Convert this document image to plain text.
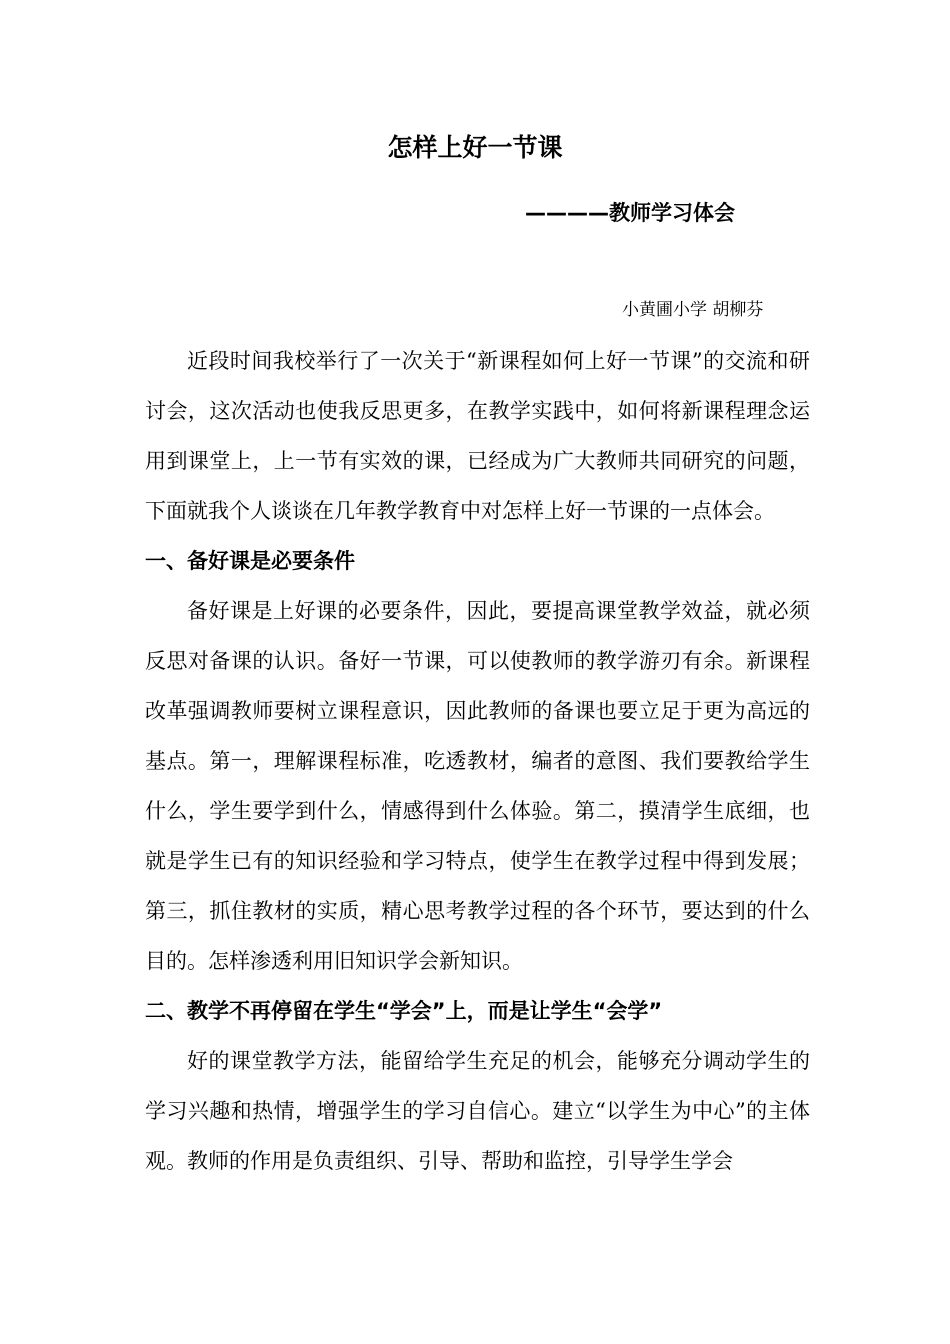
怎样上好一节课
————教师学习体会
小黄圃小学 胡柳芬

近段时间我校举行了一次关于“新课程如何上好一节课”的交流和研讨会，这次活动也使我反思更多，在教学实践中，如何将新课程理念运用到课堂上，上一节有实效的课，已经成为广大教师共同研究的问题，下面就我个人谈谈在几年教学教育中对怎样上好一节课的一点体会。

一、备好课是必要条件

备好课是上好课的必要条件，因此，要提高课堂教学效益，就必须反思对备课的认识。备好一节课，可以使教师的教学游刃有余。新课程改革强调教师要树立课程意识，因此教师的备课也要立足于更为高远的基点。第一，理解课程标准，吃透教材，编者的意图、我们要教给学生什么，学生要学到什么，情感得到什么体验。第二，摸清学生底细，也就是学生已有的知识经验和学习特点，使学生在教学过程中得到发展；第三，抓住教材的实质，精心思考教学过程的各个环节，要达到的什么目的。怎样渗透利用旧知识学会新知识。

二、教学不再停留在学生“学会”上，而是让学生“会学”

好的课堂教学方法，能留给学生充足的机会，能够充分调动学生的学习兴趣和热情，增强学生的学习自信心。建立“以学生为中心”的主体观。教师的作用是负责组织、引导、帮助和监控，引导学生学会
